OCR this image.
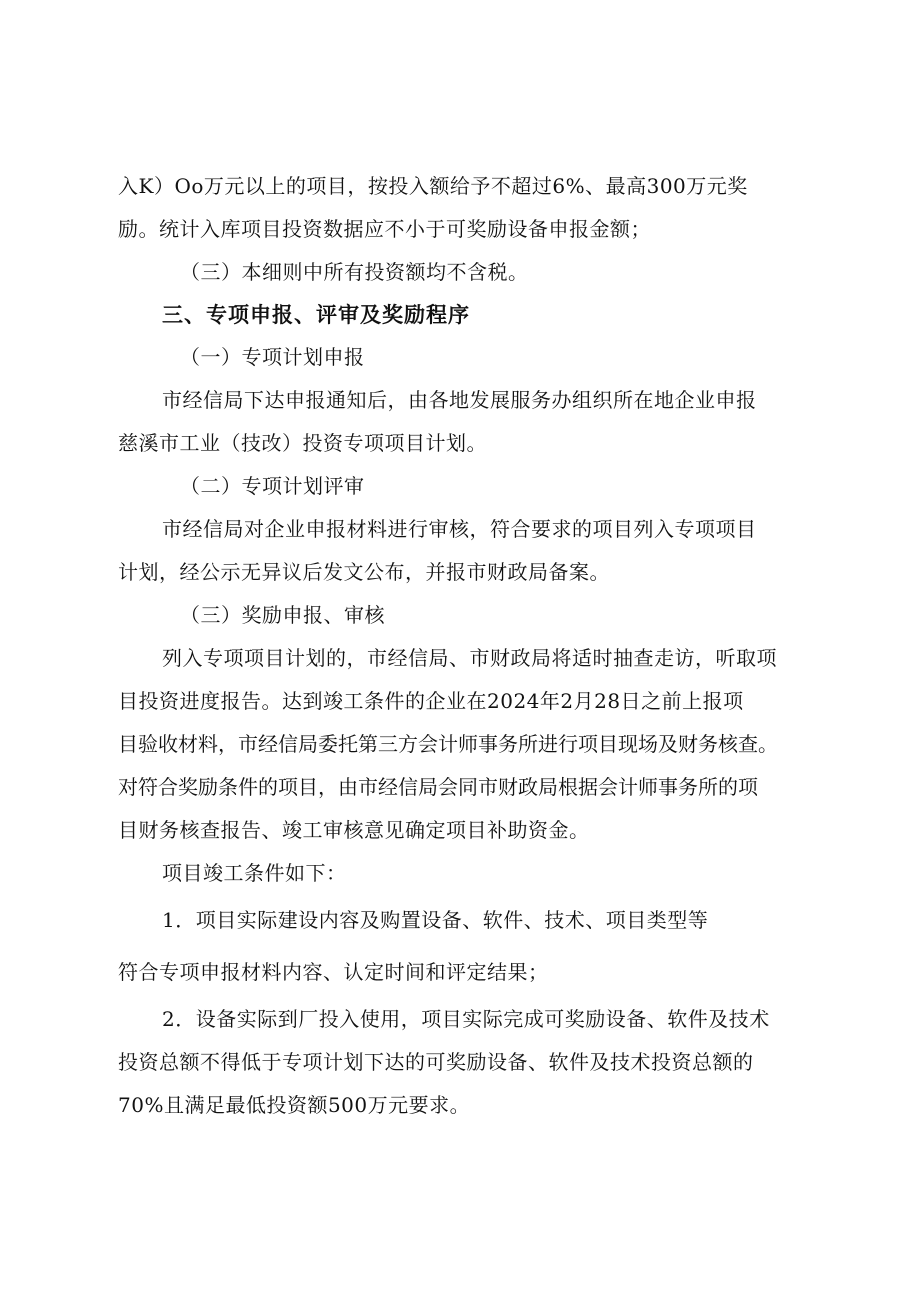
入K）Oo万元以上的项目，按投入额给予不超过6%、最高300万元奖
励。统计入库项目投资数据应不小于可奖励设备申报金额；
（三）本细则中所有投资额均不含税。
三、专项申报、评审及奖励程序
（一）专项计划申报
市经信局下达申报通知后，由各地发展服务办组织所在地企业申报
慈溪市工业（技改）投资专项项目计划。
（二）专项计划评审
市经信局对企业申报材料进行审核，符合要求的项目列入专项项目
计划，经公示无异议后发文公布，并报市财政局备案。
（三）奖励申报、审核
列入专项项目计划的，市经信局、市财政局将适时抽查走访，听取项
目投资进度报告。达到竣工条件的企业在2024年2月28日之前上报项
目验收材料，市经信局委托第三方会计师事务所进行项目现场及财务核查。
对符合奖励条件的项目，由市经信局会同市财政局根据会计师事务所的项
目财务核查报告、竣工审核意见确定项目补助资金。
项目竣工条件如下：
1．项目实际建设内容及购置设备、软件、技术、项目类型等
符合专项申报材料内容、认定时间和评定结果；
2．设备实际到厂投入使用，项目实际完成可奖励设备、软件及技术
投资总额不得低于专项计划下达的可奖励设备、软件及技术投资总额的
70%且满足最低投资额500万元要求。
